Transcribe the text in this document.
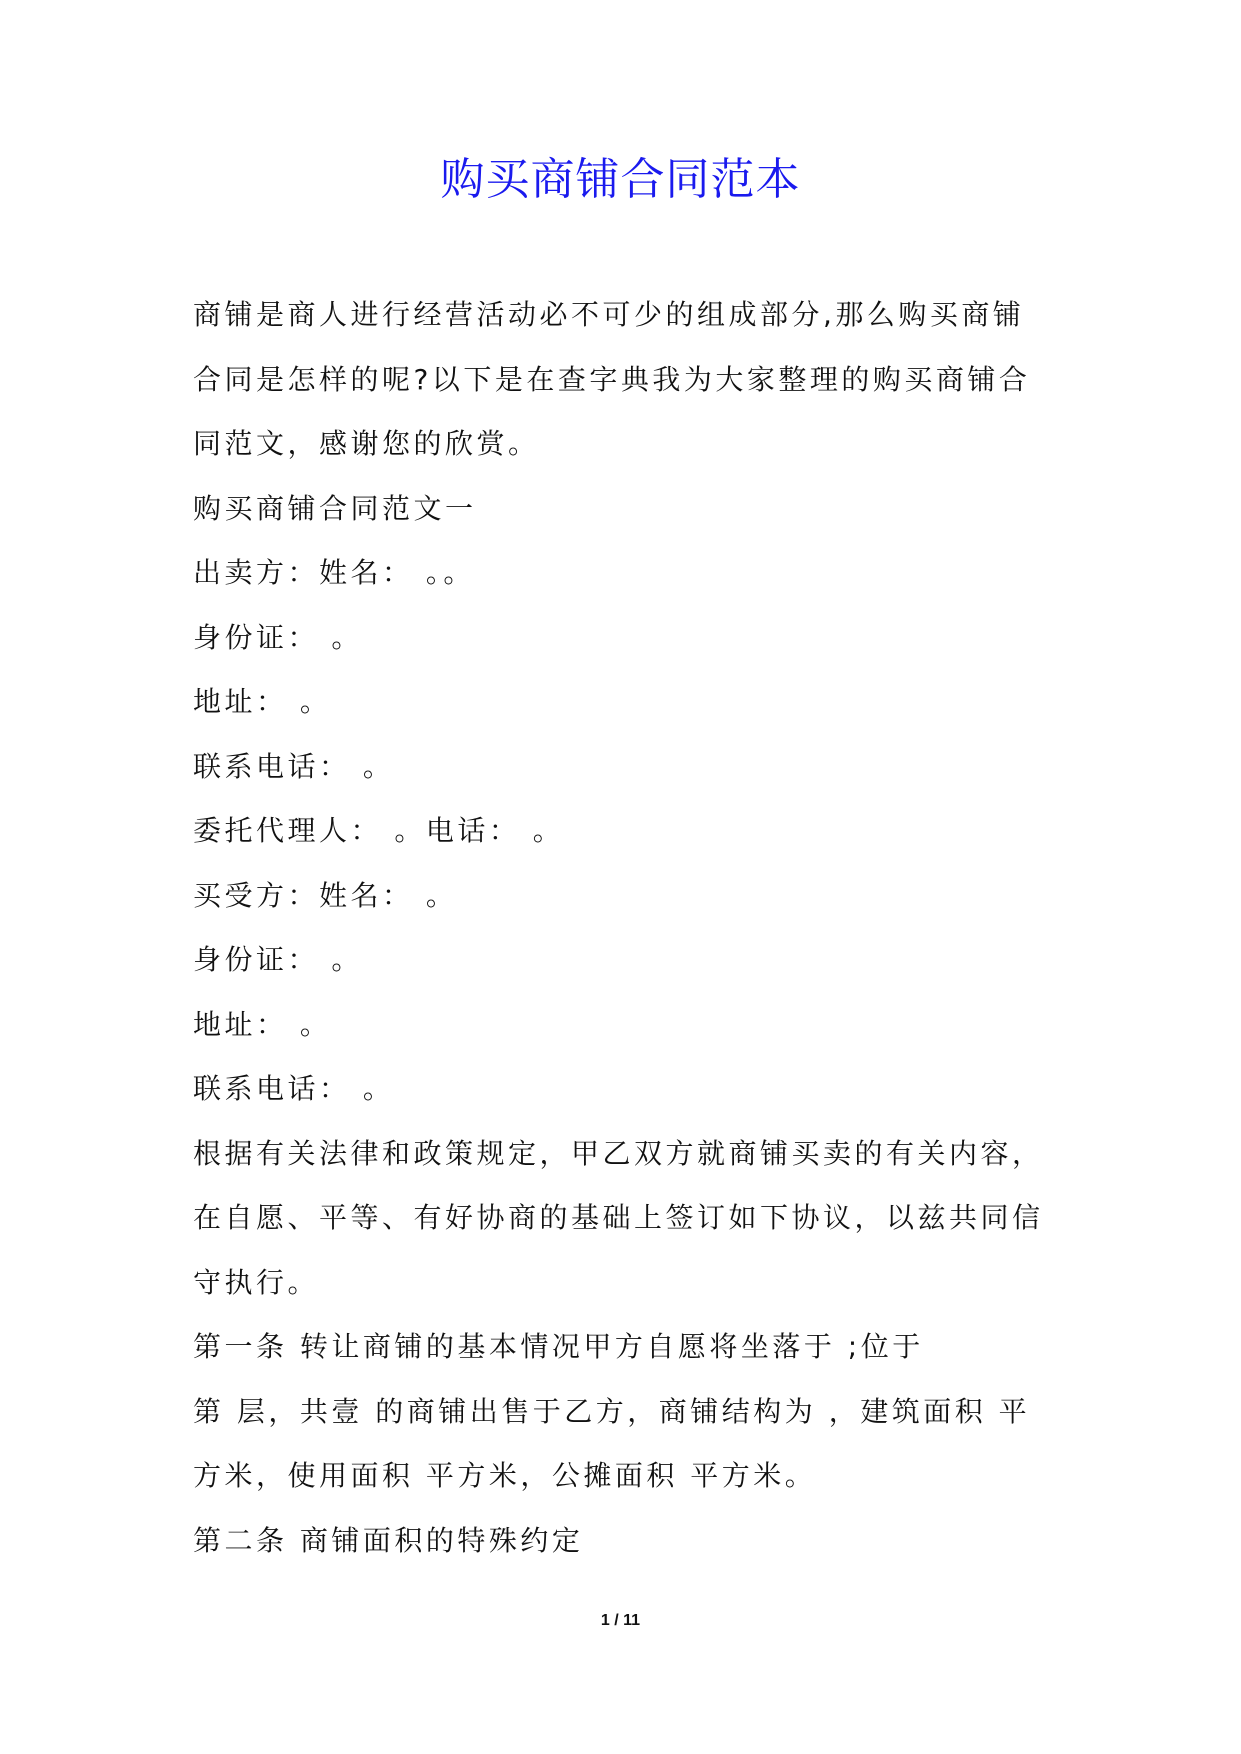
购买商铺合同范本

商铺是商人进行经营活动必不可少的组成部分,那么购买商铺合同是怎样的呢?以下是在查字典我为大家整理的购买商铺合同范文，感谢您的欣赏。

购买商铺合同范文一

出卖方：姓名： 。。

身份证： 。

地址： 。

联系电话： 。

委托代理人： 。电话： 。

买受方：姓名： 。

身份证： 。

地址： 。

联系电话： 。

根据有关法律和政策规定，甲乙双方就商铺买卖的有关内容，在自愿、平等、有好协商的基础上签订如下协议，以兹共同信守执行。

第一条 转让商铺的基本情况甲方自愿将坐落于 ;位于

第 层，共壹 的商铺出售于乙方，商铺结构为 ，建筑面积 平方米，使用面积 平方米，公摊面积 平方米。

第二条 商铺面积的特殊约定

1 / 11
